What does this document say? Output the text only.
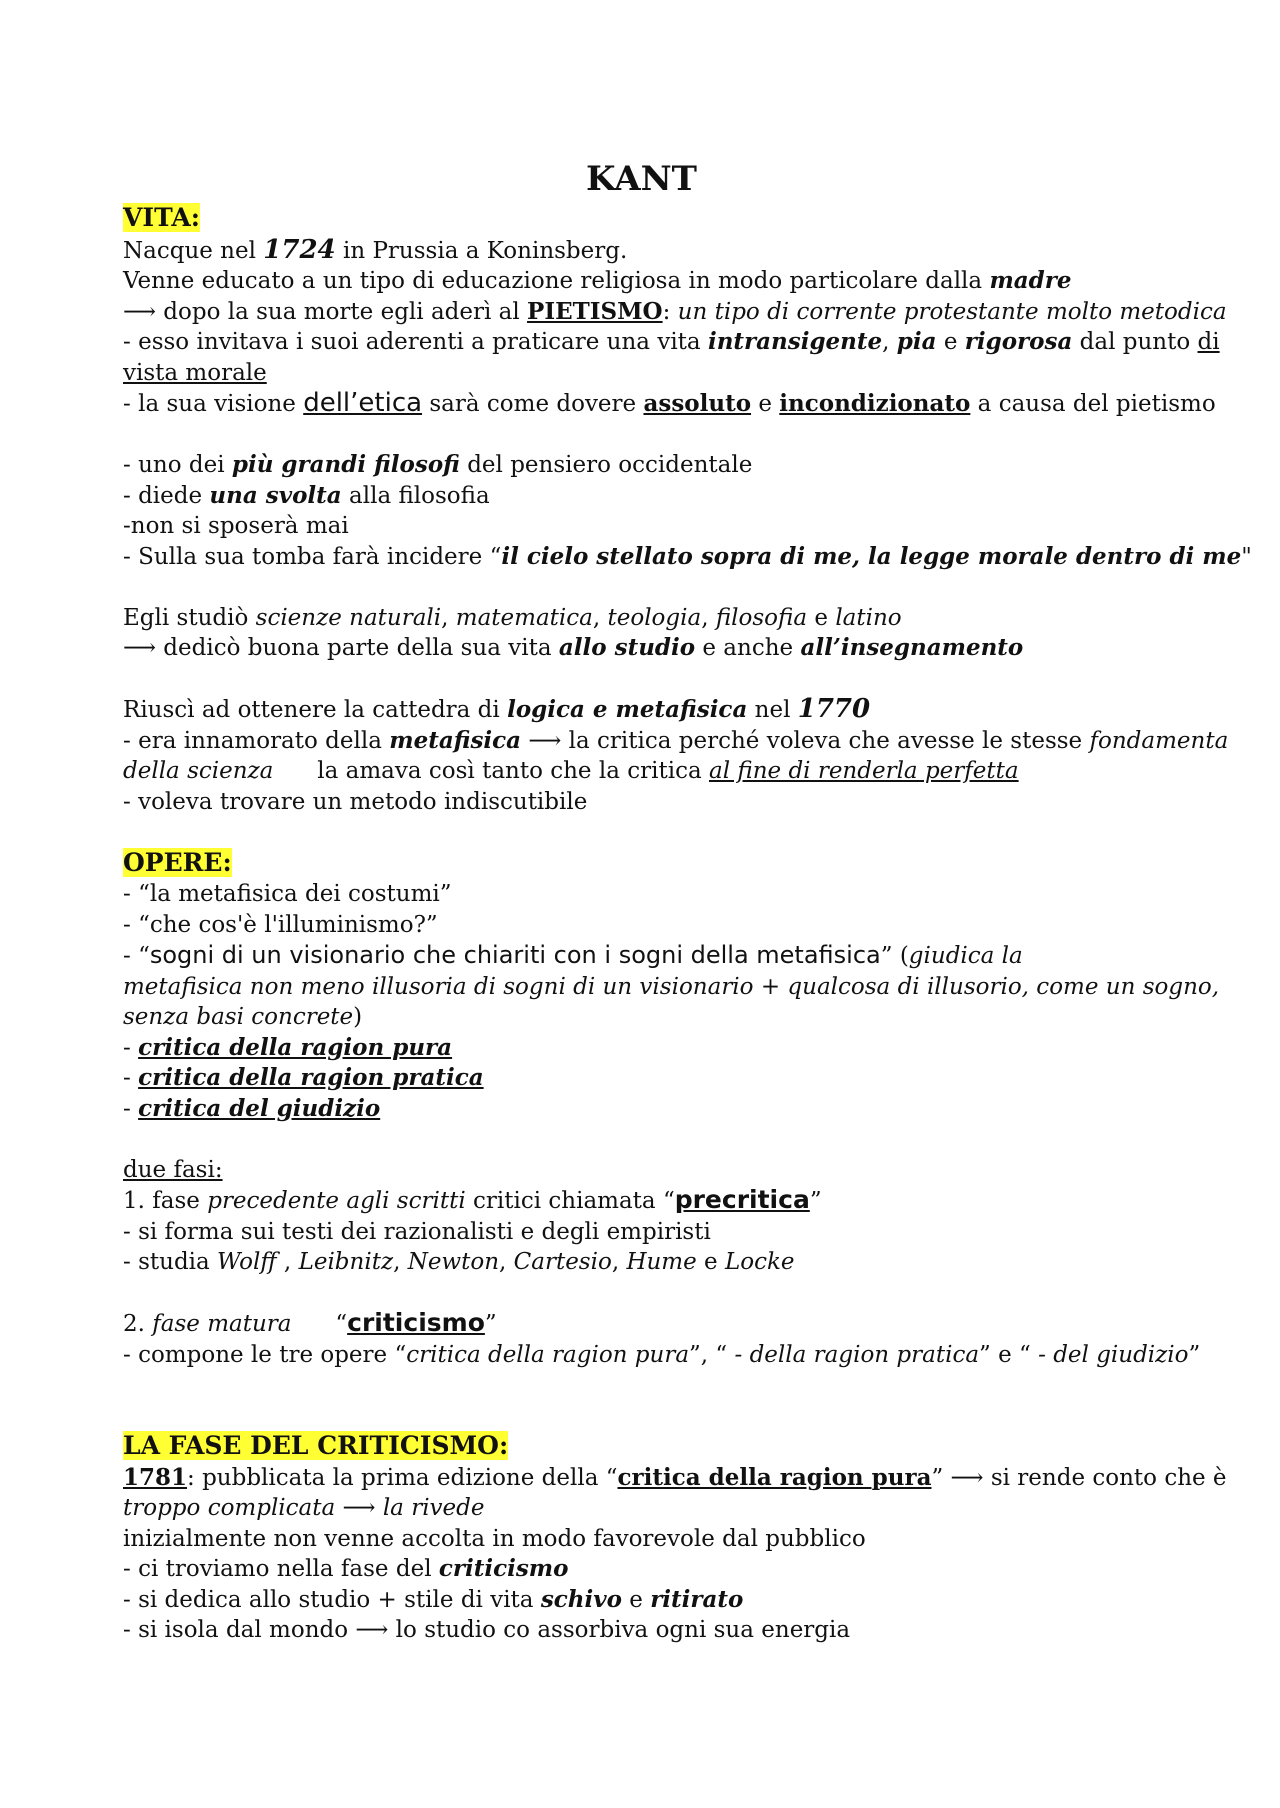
KANT
VITA:
Nacque nel 1724 in Prussia a Koninsberg.
Venne educato a un tipo di educazione religiosa in modo particolare dalla madre
⟶ dopo la sua morte egli aderì al PIETISMO: un tipo di corrente protestante molto metodica
- esso invitava i suoi aderenti a praticare una vita intransigente, pia e rigorosa dal punto di
vista morale
- la sua visione dell’etica sarà come dovere assoluto e incondizionato a causa del pietismo
- uno dei più grandi filosofi del pensiero occidentale
- diede una svolta alla filosofia
-non si sposerà mai
- Sulla sua tomba farà incidere “il cielo stellato sopra di me, la legge morale dentro di me"
Egli studiò scienze naturali, matematica, teologia, filosofia e latino
⟶ dedicò buona parte della sua vita allo studio e anche all’insegnamento
Riuscì ad ottenere la cattedra di logica e metafisica nel 1770
- era innamorato della metafisica ⟶ la critica perché voleva che avesse le stesse fondamenta
della scienza      la amava così tanto che la critica al fine di renderla perfetta
- voleva trovare un metodo indiscutibile
OPERE:
- “la metafisica dei costumi”
- “che cos'è l'illuminismo?”
- “sogni di un visionario che chiariti con i sogni della metafisica” (giudica la
metafisica non meno illusoria di sogni di un visionario + qualcosa di illusorio, come un sogno,
senza basi concrete)
- critica della ragion pura
- critica della ragion pratica
- critica del giudizio
due fasi:
1. fase precedente agli scritti critici chiamata “precritica”
- si forma sui testi dei razionalisti e degli empiristi
- studia Wolff , Leibnitz, Newton, Cartesio, Hume e Locke
2. fase matura      “criticismo”
- compone le tre opere “critica della ragion pura”, “ - della ragion pratica” e “ - del giudizio”
LA FASE DEL CRITICISMO:
1781: pubblicata la prima edizione della “critica della ragion pura” ⟶ si rende conto che è
troppo complicata ⟶ la rivede
inizialmente non venne accolta in modo favorevole dal pubblico
- ci troviamo nella fase del criticismo
- si dedica allo studio + stile di vita schivo e ritirato
- si isola dal mondo ⟶ lo studio co assorbiva ogni sua energia
